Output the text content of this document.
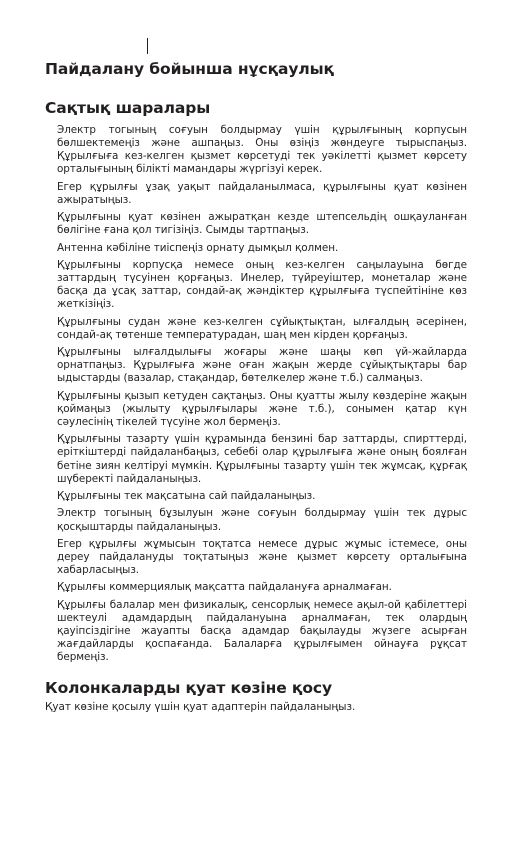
Пайдалану бойынша нұсқаулық
Сақтық шаралары
Электр тогының соғуын болдырмау үшін құрылғының корпусын бөлшектемеңіз және ашпаңыз. Оны өзіңіз жөндеуге тырыспаңыз. Құрылғыға кез-келген қызмет көрсетуді тек уәкілетті қызмет көрсету орталығының білікті мамандары жүргізуі керек.
Егер құрылғы ұзақ уақыт пайдаланылмаса, құрылғыны қуат көзінен ажыратыңыз.
Құрылғыны қуат көзінен ажыратқан кезде штепсельдің ошқауланған бөлігіне ғана қол тигізіңіз. Сымды тартпаңыз.
Антенна кәбіліне тиіспеңіз орнату дымқыл қолмен.
Құрылғыны корпусқа немесе оның кез-келген саңылауына бөгде заттардың түсуінен қорғаңыз. Инелер, түйреуіштер, монеталар және басқа да ұсақ заттар, сондай-ақ жәндіктер құрылғыға түспейтініне көз жеткізіңіз.
Құрылғыны судан және кез-келген сұйықтықтан, ылғалдың әсерінен, сондай-ақ төтенше температурадан, шаң мен кірден қорғаңыз.
Құрылғыны ылғалдылығы жоғары және шаңы көп үй-жайларда орнатпаңыз. Құрылғыға және оған жақын жерде сұйықтықтары бар ыдыстарды (вазалар, стақандар, бөтелкелер және т.б.) салмаңыз.
Құрылғыны қызып кетуден сақтаңыз. Оны қуатты жылу көздеріне жақын қоймаңыз (жылыту құрылғылары және т.б.), сонымен қатар күн сәулесінің тікелей түсуіне жол бермеңіз.
Құрылғыны тазарту үшін құрамында бензині бар заттарды, спирттерді, еріткіштерді пайдаланбаңыз, себебі олар құрылғыға және оның боялған бетіне зиян келтіруі мүмкін. Құрылғыны тазарту үшін тек жұмсақ, құрғақ шүберекті пайдаланыңыз.
Құрылғыны тек мақсатына сай пайдаланыңыз.
Электр тогының бұзылуын және соғуын болдырмау үшін тек дұрыс қосқыштарды пайдаланыңыз.
Егер құрылғы жұмысын тоқтатса немесе дұрыс жұмыс істемесе, оны дереу пайдалануды тоқтатыңыз және қызмет көрсету орталығына хабарласыңыз.
Құрылғы коммерциялық мақсатта пайдалануға арналмаған.
Құрылғы балалар мен физикалық, сенсорлық немесе ақыл-ой қабілеттері шектеулі адамдардың пайдалануына арналмаған, тек олардың қауіпсіздігіне жауапты басқа адамдар бақылауды жүзеге асырған жағдайларды қоспағанда. Балаларға құрылғымен ойнауға рұқсат бермеңіз.
Колонкаларды қуат көзіне қосу

Қуат көзіне қосылу үшін қуат адаптерін пайдаланыңыз.
